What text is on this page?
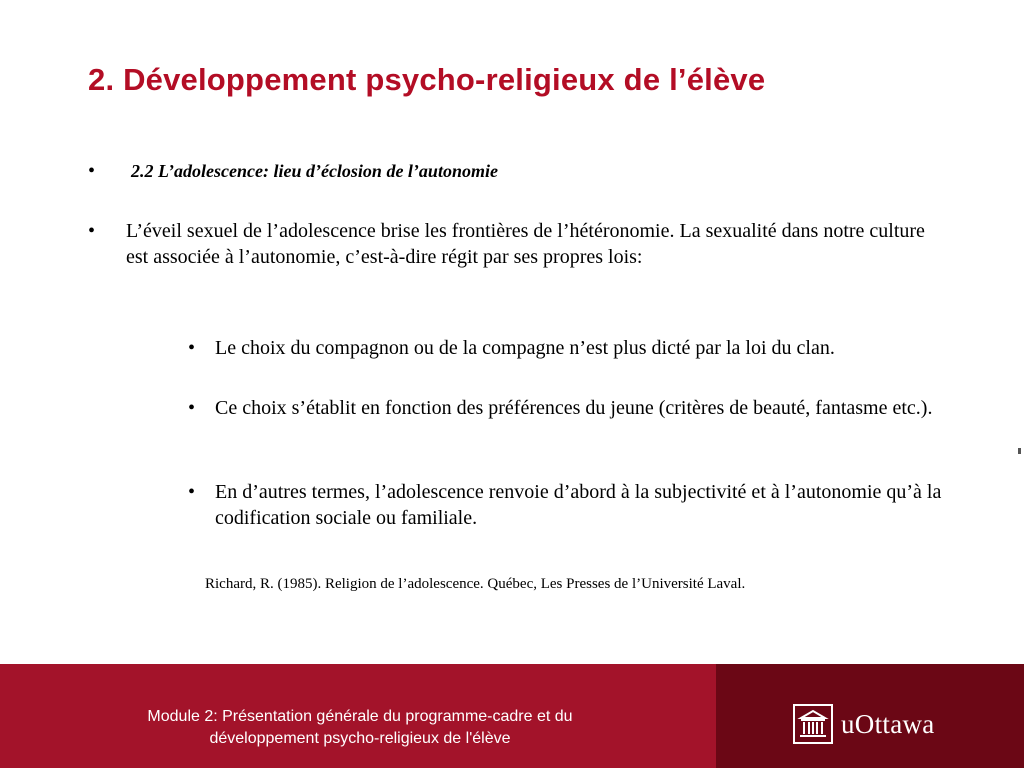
2. Développement psycho-religieux de l’élève
• 2.2 L’adolescence: lieu d’éclosion de l’autonomie
• L’éveil sexuel de l’adolescence brise les frontières de l’hétéronomie. La sexualité dans notre culture est associée à l’autonomie, c’est-à-dire régit par ses propres lois:
• Le choix du compagnon ou de la compagne n’est plus dicté par la loi du clan.
• Ce choix s’établit en fonction des préférences du jeune (critères de beauté, fantasme etc.).
• En d’autres termes, l’adolescence renvoie d’abord à la subjectivité et à l’autonomie qu’à la codification sociale ou familiale.
Richard, R. (1985). Religion de l’adolescence. Québec, Les Presses de l’Université Laval.
Module 2: Présentation générale du programme-cadre et du
développement psycho-religieux de l'élève	uOttawa
